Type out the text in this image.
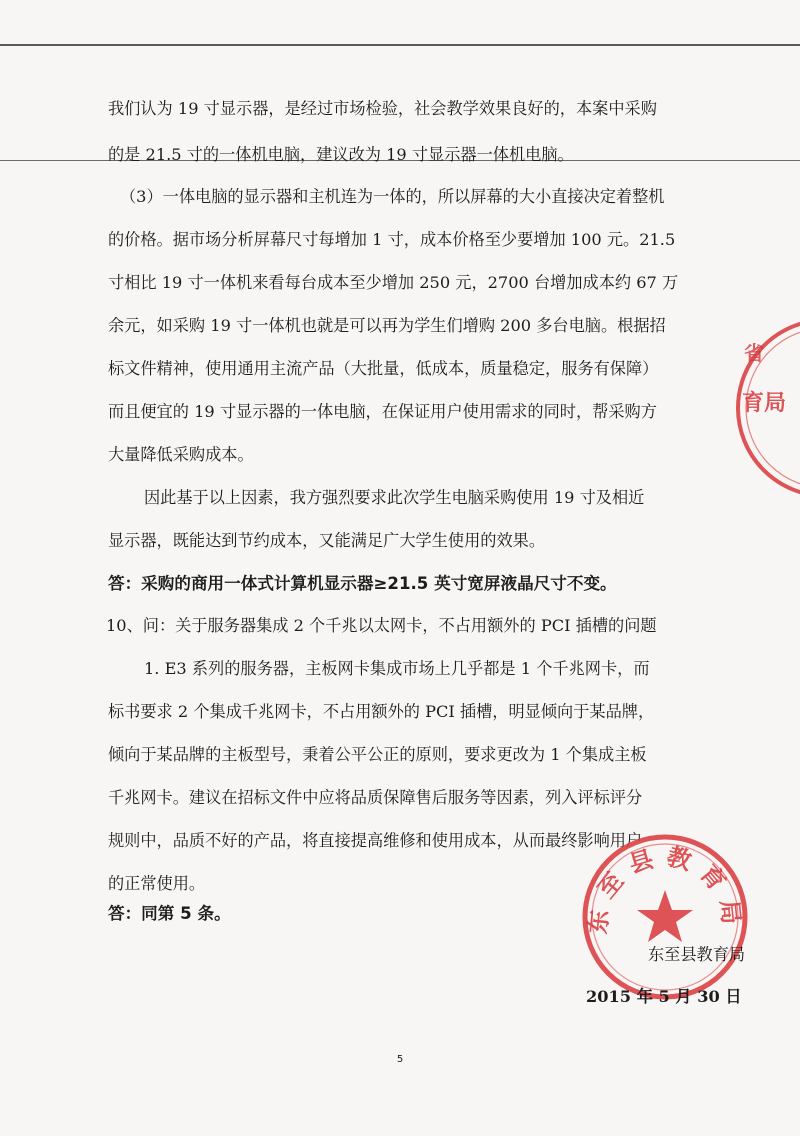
我们认为 19 寸显示器，是经过市场检验，社会教学效果良好的，本案中采购
的是 21.5 寸的一体机电脑，建议改为 19 寸显示器一体机电脑。
（3）一体电脑的显示器和主机连为一体的，所以屏幕的大小直接决定着整机
的价格。据市场分析屏幕尺寸每增加 1 寸，成本价格至少要增加 100 元。21.5
寸相比 19 寸一体机来看每台成本至少增加 250 元，2700 台增加成本约 67 万
余元，如采购 19 寸一体机也就是可以再为学生们增购 200 多台电脑。根据招
标文件精神，使用通用主流产品（大批量，低成本，质量稳定，服务有保障）
而且便宜的 19 寸显示器的一体电脑，在保证用户使用需求的同时，帮采购方
大量降低采购成本。
因此基于以上因素，我方强烈要求此次学生电脑采购使用 19 寸及相近
显示器，既能达到节约成本，又能满足广大学生使用的效果。
答：采购的商用一体式计算机显示器≥21.5 英寸宽屏液晶尺寸不变。
10、问：关于服务器集成 2 个千兆以太网卡，不占用额外的 PCI 插槽的问题
1. E3 系列的服务器，主板网卡集成市场上几乎都是 1 个千兆网卡，而
标书要求 2 个集成千兆网卡，不占用额外的 PCI 插槽，明显倾向于某品牌，
倾向于某品牌的主板型号，秉着公平公正的原则，要求更改为 1 个集成主板
千兆网卡。建议在招标文件中应将品质保障售后服务等因素，列入评标评分
规则中，品质不好的产品，将直接提高维修和使用成本，从而最终影响用户
的正常使用。
答：同第 5 条。
省
育局
东至县教育局
东至县教育局
2015 年 5 月 30 日
5
